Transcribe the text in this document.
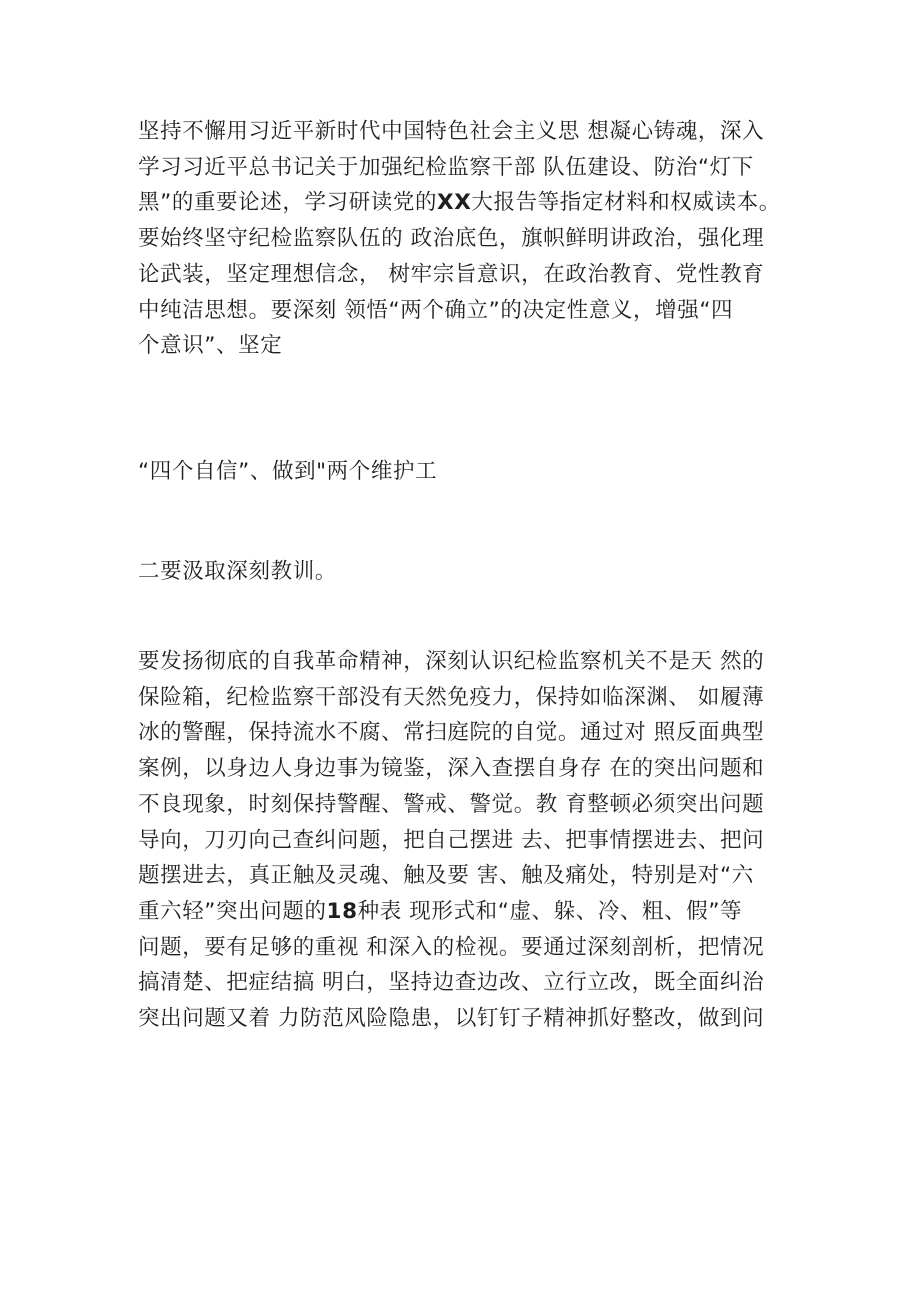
坚持不懈用习近平新时代中国特色社会主义思 想凝心铸魂，深入
学习习近平总书记关于加强纪检监察干部 队伍建设、防治“灯下
黑”的重要论述，学习研读党的XX大报告等指定材料和权威读本。
要始终坚守纪检监察队伍的 政治底色，旗帜鲜明讲政治，强化理
论武装，坚定理想信念， 树牢宗旨意识，在政治教育、党性教育
中纯洁思想。要深刻 领悟“两个确立”的决定性意义，增强“四
个意识”、坚定
“四个自信”、做到"两个维护工
二要汲取深刻教训。
要发扬彻底的自我革命精神，深刻认识纪检监察机关不是天 然的
保险箱，纪检监察干部没有天然免疫力，保持如临深渊、 如履薄
冰的警醒，保持流水不腐、常扫庭院的自觉。通过对 照反面典型
案例，以身边人身边事为镜鉴，深入查摆自身存 在的突出问题和
不良现象，时刻保持警醒、警戒、警觉。教 育整顿必须突出问题
导向，刀刃向己查纠问题，把自己摆进 去、把事情摆进去、把问
题摆进去，真正触及灵魂、触及要 害、触及痛处，特别是对“六
重六轻”突出问题的18种表 现形式和“虚、躲、冷、粗、假”等
问题，要有足够的重视 和深入的检视。要通过深刻剖析，把情况
搞清楚、把症结搞 明白，坚持边查边改、立行立改，既全面纠治
突出问题又着 力防范风险隐患，以钉钉子精神抓好整改，做到问
